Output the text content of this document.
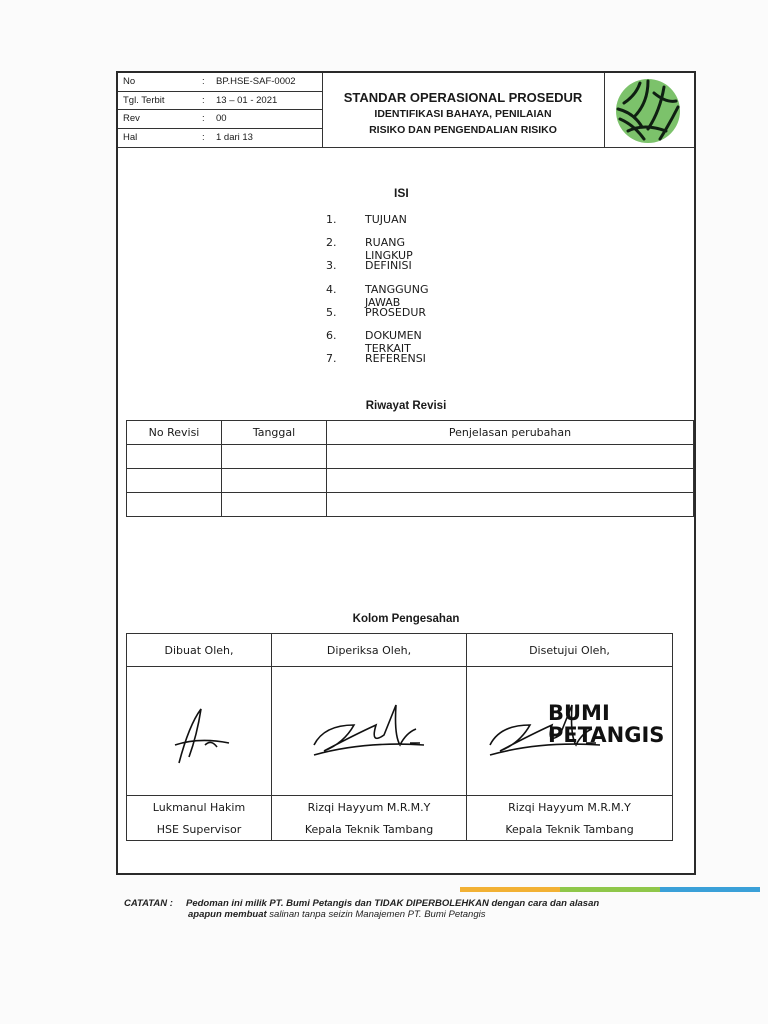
No	: BP.HSE-SAF-0002
Tgl. Terbit	: 13 – 01 - 2021
Rev	: 00
Hal	: 1 dari 13
STANDAR OPERASIONAL PROSEDUR
IDENTIFIKASI BAHAYA, PENILAIAN
RISIKO DAN PENGENDALIAN RISIKO
ISI
1.	TUJUAN
2.	RUANG LINGKUP
3.	DEFINISI
4.	TANGGUNG JAWAB
5.	PROSEDUR
6.	DOKUMEN TERKAIT
7.	REFERENSI
Riwayat Revisi
No Revisi	Tanggal	Penjelasan perubahan

Kolom Pengesahan
Dibuat Oleh,	Diperiksa Oleh,	Disetujui Oleh,

Lukmanul Hakim	Rizqi Hayyum M.R.M.Y	Rizqi Hayyum M.R.M.Y
HSE Supervisor	Kepala Teknik Tambang	Kepala Teknik Tambang
BUMI
PETANGIS
CATATAN : Pedoman ini milik PT. Bumi Petangis dan TIDAK DIPERBOLEHKAN dengan cara dan alasan
apapun membuat salinan tanpa seizin Manajemen PT. Bumi Petangis
